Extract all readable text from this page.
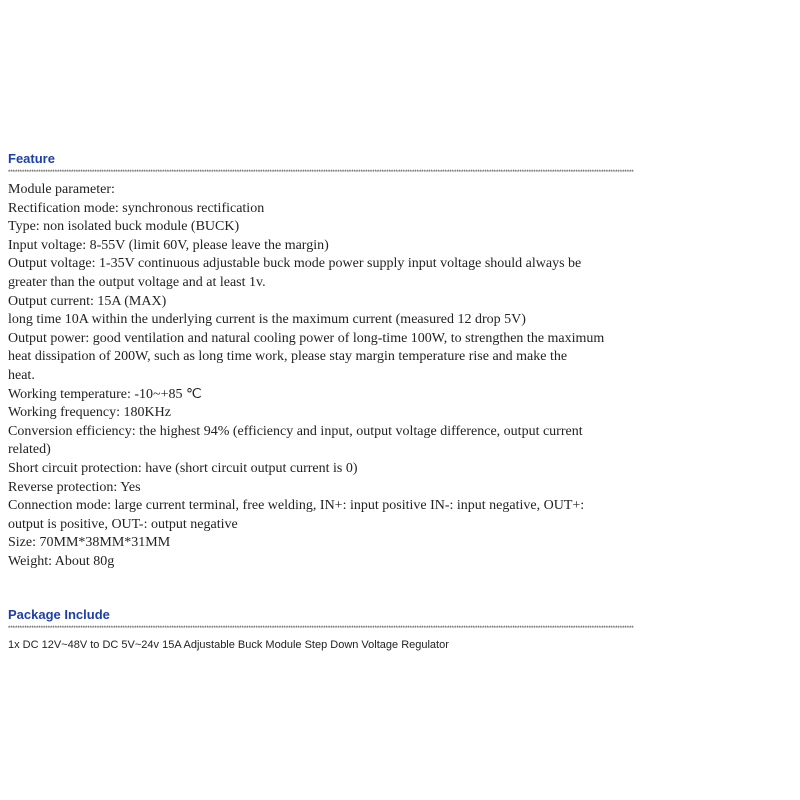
Feature
****************************************************************************************************************************************************************************************************************************************************************************
Module parameter:
Rectification mode: synchronous rectification
Type: non isolated buck module (BUCK)
Input voltage: 8-55V (limit 60V, please leave the margin)
Output voltage: 1-35V continuous adjustable buck mode power supply input voltage should always be
greater than the output voltage and at least 1v.
Output current: 15A (MAX)
long time 10A within the underlying current is the maximum current (measured 12 drop 5V)
Output power: good ventilation and natural cooling power of long-time 100W, to strengthen the maximum
heat dissipation of 200W, such as long time work, please stay margin temperature rise and make the
heat.
Working temperature: -10~+85 ℃
Working frequency: 180KHz
Conversion efficiency: the highest 94% (efficiency and input, output voltage difference, output current
related)
Short circuit protection: have (short circuit output current is 0)
Reverse protection: Yes
Connection mode: large current terminal, free welding, IN+: input positive IN-: input negative, OUT+:
output is positive, OUT-: output negative
Size: 70MM*38MM*31MM
Weight: About 80g
Package Include
****************************************************************************************************************************************************************************************************************************************************************************
1x DC 12V~48V to DC 5V~24v 15A Adjustable Buck Module Step Down Voltage Regulator
